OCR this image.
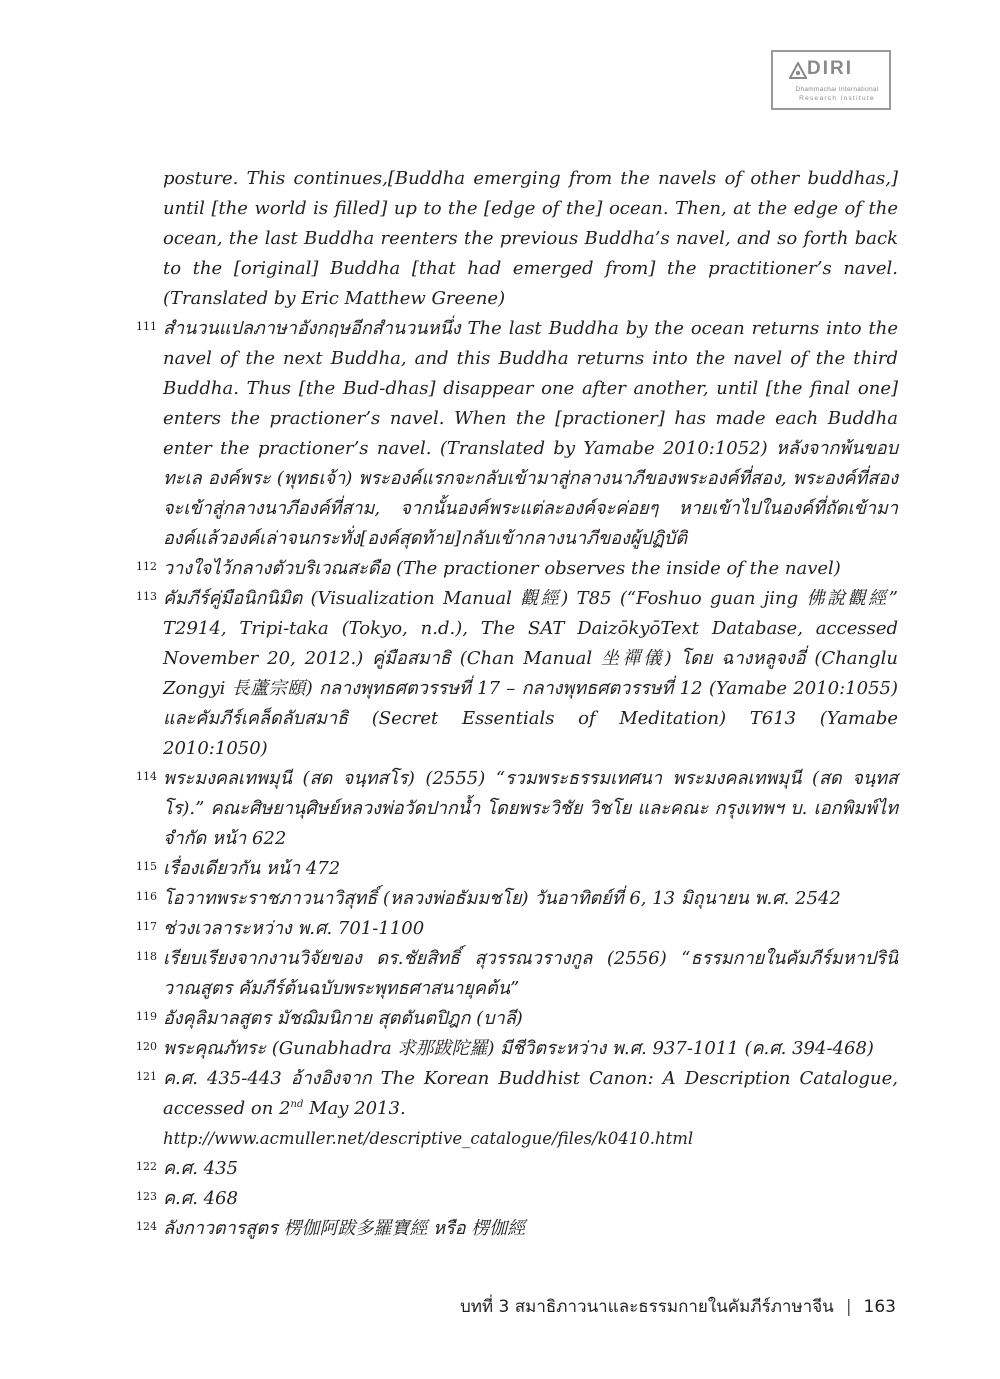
DIRI
Dhammachai International
Research Institute
posture. This continues,[Buddha emerging from the navels of other buddhas,] until [the world is filled] up to the [edge of the] ocean. Then, at the edge of the ocean, the last Buddha reenters the previous Buddha’s navel, and so forth back to the [original] Buddha [that had emerged from] the practitioner’s navel. (Translated by Eric Matthew Greene)
111 สำนวนแปลภาษาอังกฤษอีกสำนวนหนึ่ง The last Buddha by the ocean returns into the navel of the next Buddha, and this Buddha returns into the navel of the third Buddha. Thus [the Bud-dhas] disappear one after another, until [the final one] enters the practioner’s navel. When the [practioner] has made each Buddha enter the practioner’s navel. (Translated by Yamabe 2010:1052) หลังจากพ้นขอบทะเล องค์พระ (พุทธเจ้า) พระองค์แรกจะกลับเข้ามาสู่กลางนาภีของพระองค์ที่สอง, พระองค์ที่สองจะเข้าสู่กลางนาภีองค์ที่สาม, จากนั้นองค์พระแต่ละองค์จะค่อยๆ หายเข้าไปในองค์ที่ถัดเข้ามา องค์แล้วองค์เล่าจนกระทั่ง[องค์สุดท้าย]กลับเข้ากลางนาภีของผู้ปฏิบัติ
112 วางใจไว้กลางตัวบริเวณสะดือ (The practioner observes the inside of the navel)
113 คัมภีร์คู่มือนิกนิมิต (Visualization Manual 觀經) T85 (“Foshuo guan jing 佛說觀經” T2914, Tripi-taka (Tokyo, n.d.), The SAT DaizōkyōText Database, accessed November 20, 2012.) คู่มือสมาธิ (Chan Manual 坐禪儀) โดย ฉางหลูจงอี่ (Changlu Zongyi 長蘆宗頤) กลางพุทธศตวรรษที่ 17 – กลางพุทธศตวรรษที่ 12 (Yamabe 2010:1055) และคัมภีร์เคล็ดลับสมาธิ (Secret Essentials of Meditation) T613 (Yamabe 2010:1050)
114 พระมงคลเทพมุนี (สด จนฺทสโร) (2555) “รวมพระธรรมเทศนา พระมงคลเทพมุนี (สด จนฺทสโร).” คณะศิษยานุศิษย์หลวงพ่อวัดปากน้ำ โดยพระวิชัย วิชโย และคณะ กรุงเทพฯ บ. เอกพิมพ์ไท จำกัด หน้า 622
115 เรื่องเดียวกัน หน้า 472
116 โอวาทพระราชภาวนาวิสุทธิ์ (หลวงพ่อธัมมชโย) วันอาทิตย์ที่ 6, 13 มิถุนายน พ.ศ. 2542
117 ช่วงเวลาระหว่าง พ.ศ. 701-1100
118 เรียบเรียงจากงานวิจัยของ ดร.ชัยสิทธิ์ สุวรรณวรางกูล (2556) “ธรรมกายในคัมภีร์มหาปรินิวาณสูตร คัมภีร์ต้นฉบับพระพุทธศาสนายุคต้น”
119 อังคุลิมาลสูตร มัชฌิมนิกาย สุตตันตปิฎก (บาลี)
120 พระคุณภัทระ (Gunabhadra 求那跋陀羅) มีชีวิตระหว่าง พ.ศ. 937-1011 (ค.ศ. 394-468)
121 ค.ศ. 435-443 อ้างอิงจาก The Korean Buddhist Canon: A Description Catalogue, accessed on 2nd May 2013.
http://www.acmuller.net/descriptive_catalogue/files/k0410.html
122 ค.ศ. 435
123 ค.ศ. 468
124 ลังกาวตารสูตร 楞伽阿跋多羅寶經 หรือ 楞伽經
บทที่ 3 สมาธิภาวนาและธรรมกายในคัมภีร์ภาษาจีน | 163
